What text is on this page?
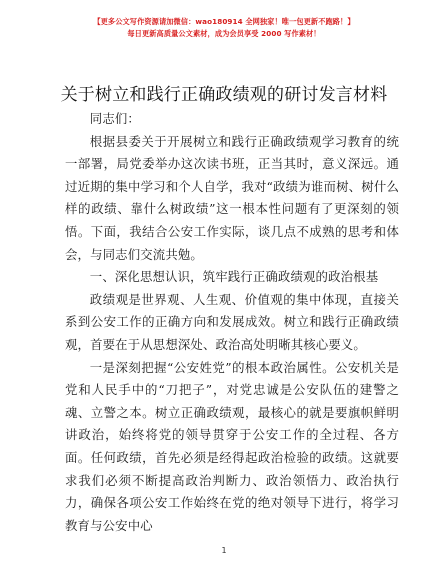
【更多公文写作资源请加微信：wao180914 全网独家！唯一包更新不跑路！】
每日更新高质量公文素材，成为会员享受 2000 写作素材！
关于树立和践行正确政绩观的研讨发言材料

同志们：

根据县委关于开展树立和践行正确政绩观学习教育的统一部署，局党委举办这次读书班，正当其时，意义深远。通过近期的集中学习和个人自学，我对“政绩为谁而树、树什么样的政绩、靠什么树政绩”这一根本性问题有了更深刻的领悟。下面，我结合公安工作实际，谈几点不成熟的思考和体会，与同志们交流共勉。

一、深化思想认识，筑牢践行正确政绩观的政治根基

政绩观是世界观、人生观、价值观的集中体现，直接关系到公安工作的正确方向和发展成效。树立和践行正确政绩观，首要在于从思想深处、政治高处明晰其核心要义。

一是深刻把握“公安姓党”的根本政治属性。公安机关是党和人民手中的“刀把子”，对党忠诚是公安队伍的建警之魂、立警之本。树立正确政绩观，最核心的就是要旗帜鲜明讲政治，始终将党的领导贯穿于公安工作的全过程、各方面。任何政绩，首先必须是经得起政治检验的政绩。这就要求我们必须不断提高政治判断力、政治领悟力、政治执行力，确保各项公安工作始终在党的绝对领导下进行，将学习教育与公安中心

1
